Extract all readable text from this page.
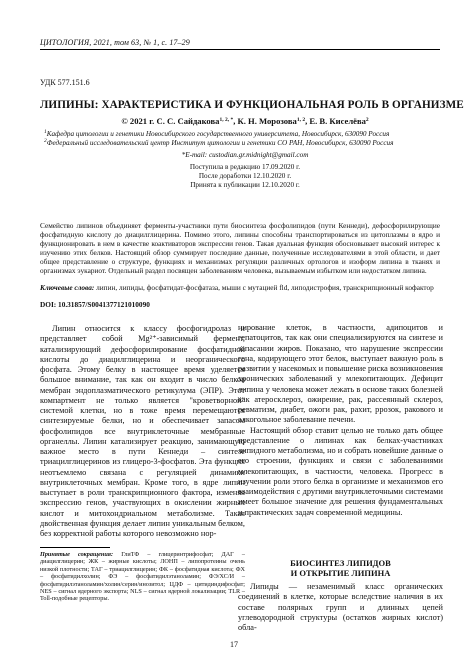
ЦИТОЛОГИЯ, 2021, том 63, № 1, с. 17–29
УДК 577.151.6
ЛИПИНЫ: ХАРАКТЕРИСТИКА И ФУНКЦИОНАЛЬНАЯ РОЛЬ В ОРГАНИЗМЕ
© 2021 г. С. С. Сайдакова$^{1, 2, *}$, К. Н. Морозова$^{1, 2}$, Е. В. Киселёва$^2$
$^1$Кафедра цитологии и генетики Новосибирского государственного университета, Новосибирск, 630090 Россия
$^2$Федеральный исследовательский центр Институт цитологии и генетики СО РАН, Новосибирск, 630090 Россия
*E-mail: custodian.gr.midnight@gmail.com
Поступила в редакцию 17.09.2020 г.
После доработки 12.10.2020 г.
Принята к публикации 12.10.2020 г.
Семейство липинов объединяет ферменты-участники пути биосинтеза фосфолипидов (пути Кеннеди), дефосфорилирующие фосфатидную кислоту до диацилглицерина. Помимо этого, липины способны транспортироваться из цитоплазмы в ядро и функционировать в нем в качестве коактиваторов экспрессии генов. Такая дуальная функция обосновывает высокий интерес к изучению этих белков. Настоящий обзор суммирует последние данные, полученные исследователями в этой области, и дает общее представление о структуре, функциях и механизмах регуляции различных ортологов и изоформ липина в тканях и организмах эукариот. Отдельный раздел посвящен заболеваниям человека, вызываемым избытком или недостатком липина.
Ключевые слова: липин, липиды, фосфатидат-фосфатаза, мыши с мутацией fld, липодистрофия, транскрипционный кофактор
DOI: 10.31857/S0041377121010090
Липин относится к классу фосфогидролаз и представляет собой Mg²⁺-зависимый фермент, катализирующий дефосфорилирование фосфатидной кислоты до диацилглицерина и неорганического фосфата. Этому белку в настоящее время уделяется большое внимание, так как он входит в число белков мембран эндоплазматического ретикулума (ЭПР). Этот компартмент не только является "кроветворной" системой клетки, но в тоже время перемещаются синтезируемые белки, но и обеспечивает запасом фосфолипидов все внутриклеточные мембранные органеллы. Липин катализирует реакцию, занимающую важное место в пути Кеннеди – синтезе триацилглицеринов из глицеро-3-фосфатов. Эта функция неотъемлемо связана с регуляцией динамики внутриклеточных мембран. Кроме того, в ядре липин выступает в роли транскрипционного фактора, изменяя экспрессию генов, участвующих в окислении жирных кислот и митохондриальном метаболизме. Такая двойственная функция делает липин уникальным белком, без корректной работы которого невозможно нор-

нирование клеток, в частности, адипоцитов и гепатоцитов, так как они специализируются на синтезе и запасании жиров. Показано, что нарушение экспрессии гена, кодирующего этот белок, выступает важную роль в развитии у насекомых и повышение риска возникновения хронических заболеваний у млекопитающих. Дефицит липина у человека может лежать в основе таких болезней как атеросклероз, ожирение, рак, рассеянный склероз, ревматизм, диабет, ожоги рак, рахит, ррозок, ракового и алкогольное заболевание печени.

Настоящий обзор ставит целью не только дать общее представление о липинах как белках-участниках липидного метаболизма, но и собрать новейшие данные о его строении, функциях и связи с заболеваниями млекопитающих, в частности, человека. Прогресс в изучении роли этого белка в организме и механизмов его взаимодействия с другими внутриклеточными системами имеет большое значение для решения фундаментальных и практических задач современной медицины.

Принятые сокращения: ГлиТФ – глицеринтрифосфат; ДАГ – диацилглицерин; ЖК – жирные кислоты; ЛОНП – липопротеины очень низкой плотности; ТАГ – триацилглицерин; ФК – фосфатидная кислота; ФХ – фосфатидилхолин; ФЭ – фосфатидилэтаноламин; ФЭ/ХС/И – фосфатидилэтаноламин/холин/серин/инозитол; ЦДФ – цитидиндифосфат; NES – сигнал ядерного экспорта; NLS – сигнал ядерной локализации; TLR – Toll-подобные рецепторы.
БИОСИНТЕЗ ЛИПИДОВ
И ОТКРЫТИЕ ЛИПИНА
Липиды — незаменимый класс органических соединений в клетке, которые вследствие наличия в их составе полярных групп и длинных цепей углеводородной структуры (остатков жирных кислот) обла-
17
